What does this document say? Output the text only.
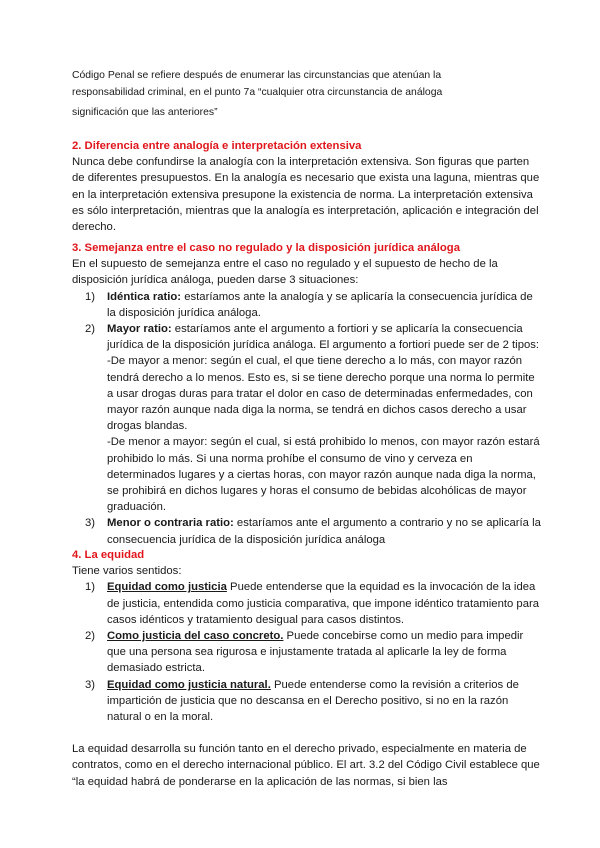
Código Penal se refiere después de enumerar las circunstancias que atenúan la
responsabilidad criminal, en el punto 7a “cualquier otra circunstancia de análoga
significación que las anteriores”
2. Diferencia entre analogía e interpretación extensiva

Nunca debe confundirse la analogía con la interpretación extensiva. Son figuras que parten de diferentes presupuestos. En la analogía es necesario que exista una laguna, mientras que en la interpretación extensiva presupone la existencia de norma. La interpretación extensiva es sólo interpretación, mientras que la analogía es interpretación, aplicación e integración del derecho.

3. Semejanza entre el caso no regulado y la disposición jurídica análoga

En el supuesto de semejanza entre el caso no regulado y el supuesto de hecho de la disposición jurídica análoga, pueden darse 3 situaciones:

1) Idéntica ratio: estaríamos ante la analogía y se aplicaría la consecuencia jurídica de la disposición jurídica análoga.
2) Mayor ratio: estaríamos ante el argumento a fortiori y se aplicaría la consecuencia jurídica de la disposición jurídica análoga. El argumento a fortiori puede ser de 2 tipos:

-De mayor a menor: según el cual, el que tiene derecho a lo más, con mayor razón tendrá derecho a lo menos. Esto es, si se tiene derecho porque una norma lo permite a usar drogas duras para tratar el dolor en caso de determinadas enfermedades, con mayor razón aunque nada diga la norma, se tendrá en dichos casos derecho a usar drogas blandas.

-De menor a mayor: según el cual, si está prohibido lo menos, con mayor razón estará prohibido lo más. Si una norma prohíbe el consumo de vino y cerveza en determinados lugares y a ciertas horas, con mayor razón aunque nada diga la norma, se prohibirá en dichos lugares y horas el consumo de bebidas alcohólicas de mayor graduación.

3) Menor o contraria ratio: estaríamos ante el argumento a contrario y no se aplicaría la consecuencia jurídica de la disposición jurídica análoga
4. La equidad

Tiene varios sentidos:

1) Equidad como justicia Puede entenderse que la equidad es la invocación de la idea de justicia, entendida como justicia comparativa, que impone idéntico tratamiento para casos idénticos y tratamiento desigual para casos distintos.
2) Como justicia del caso concreto. Puede concebirse como un medio para impedir que una persona sea rigurosa e injustamente tratada al aplicarle la ley de forma demasiado estricta.
3) Equidad como justicia natural. Puede entenderse como la revisión a criterios de impartición de justicia que no descansa en el Derecho positivo, si no en la razón natural o en la moral.

La equidad desarrolla su función tanto en el derecho privado, especialmente en materia de contratos, como en el derecho internacional público. El art. 3.2 del Código Civil establece que “la equidad habrá de ponderarse en la aplicación de las normas, si bien las
